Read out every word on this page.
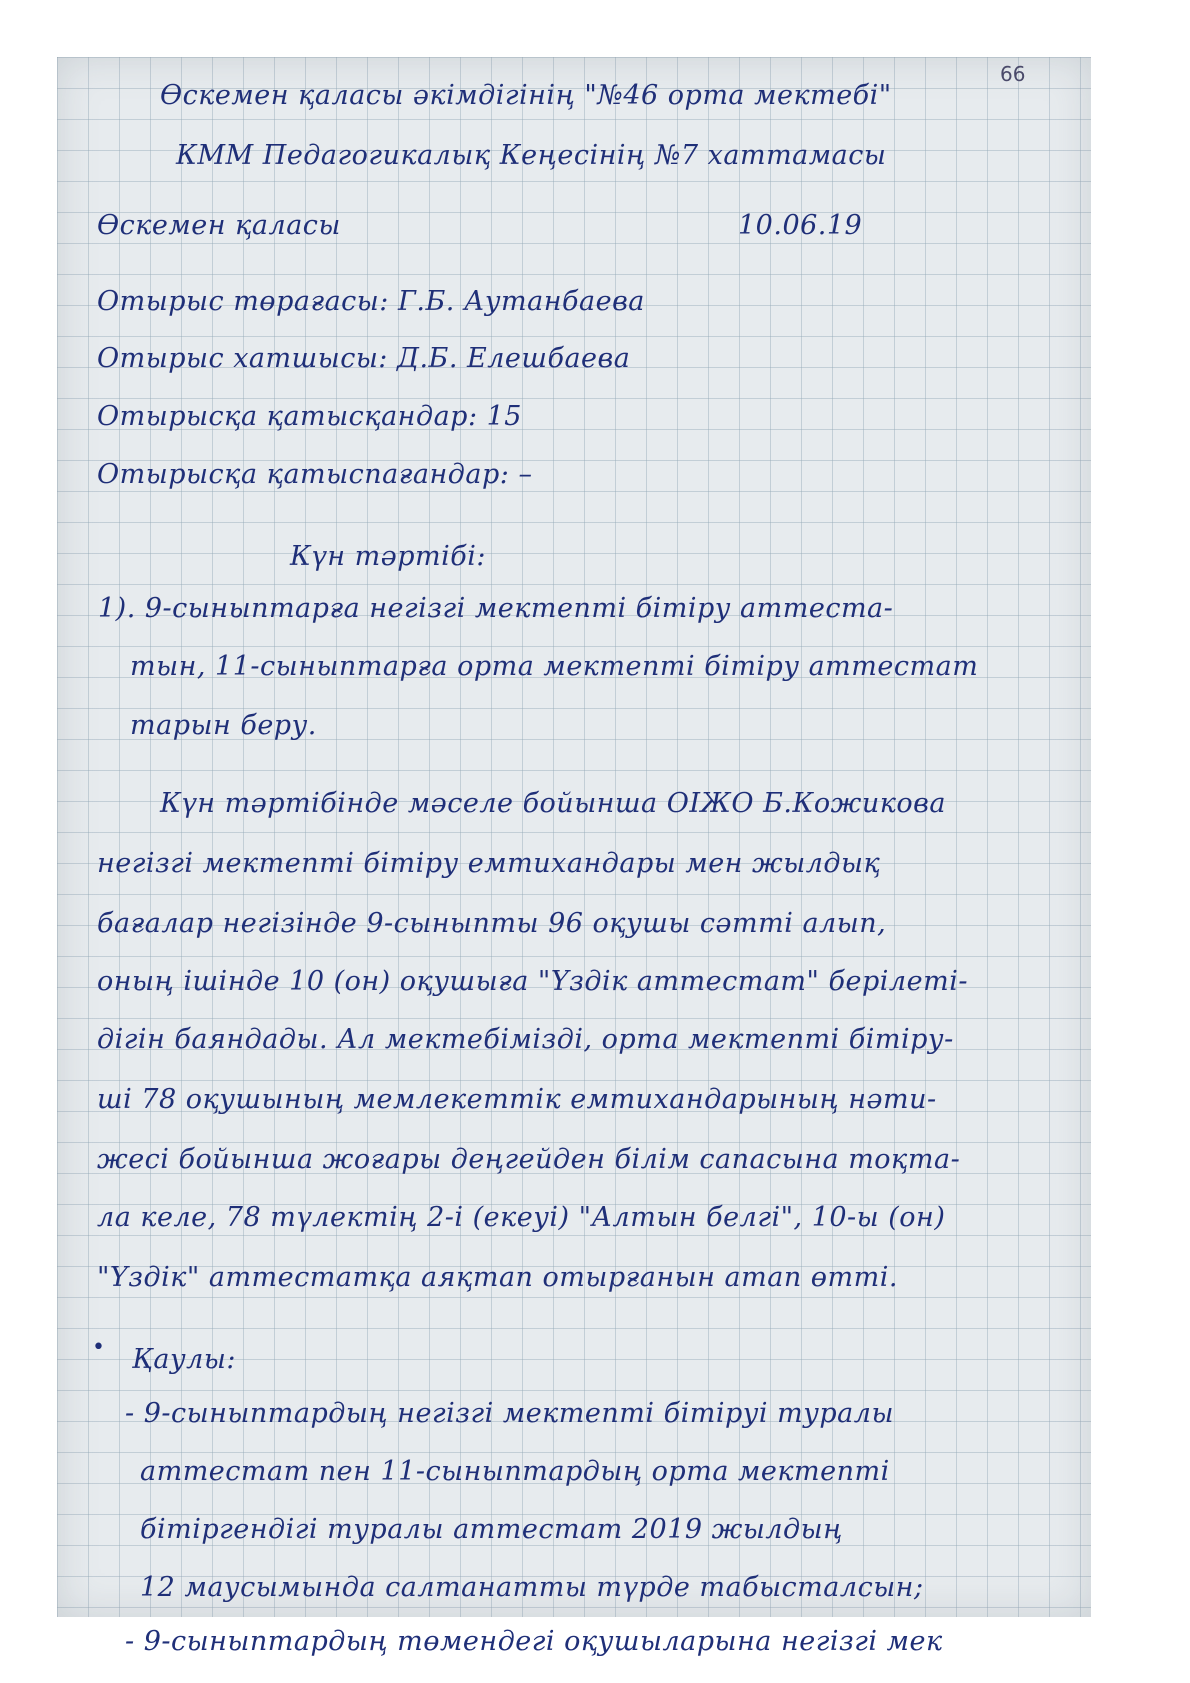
66
Өскемен қаласы әкімдігінің "№46 орта мектебі"
КММ Педагогикалық Кеңесінің №7 хаттамасы
Өскемен қаласы	10.06.19
Отырыс төрағасы: Г.Б. Аутанбаева
Отырыс хатшысы: Д.Б. Елешбаева
Отырысқа қатысқандар: 15
Отырысқа қатыспағандар: –
Күн тәртібі:
1). 9-сыныптарға негізгі мектепті бітіру аттеста-
тын, 11-сыныптарға орта мектепті бітіру аттестат
тарын беру.
Күн тәртібінде мәселе бойынша ОІЖО Б.Кожикова
негізгі мектепті бітіру емтихандары мен жылдық
бағалар негізінде 9-сыныпты 96 оқушы сәтті алып,
оның ішінде 10 (он) оқушыға "Үздік аттестат" берілеті-
дігін баяндады. Ал мектебімізді, орта мектепті бітіру-
ші 78 оқушының мемлекеттік емтихандарының нәти-
жесі бойынша жоғары деңгейден білім сапасына тоқта-
ла келе, 78 түлектің 2-і (екеуі) "Алтын белгі", 10-ы (он)
"Үздік" аттестатқа аяқтап отырғанын атап өтті.
Қаулы:
•
- 9-сыныптардың негізгі мектепті бітіруі туралы
аттестат пен 11-сыныптардың орта мектепті
бітіргендігі туралы аттестат 2019 жылдың
12 маусымында салтанатты түрде табысталсын;
- 9-сыныптардың төмендегі оқушыларына негізгі мек
